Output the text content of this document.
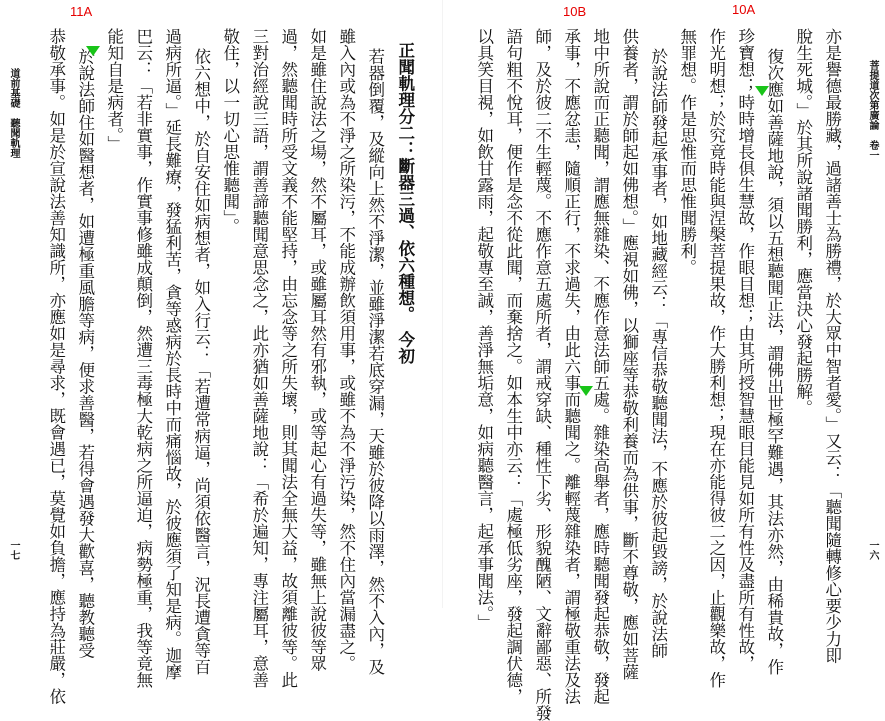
菩提道次第廣論　卷一
一六
亦是譽德最勝藏，過諸善士為勝禮，於大眾中智者愛。」又云：「聽聞隨轉修心要少力即
脫生死城。」於其所說諸聞勝利，應當決心發起勝解。
復次應如善薩地說，須以五想聽聞正法，謂佛出世極罕難遇，其法亦然，由稀貴故，作
珍寶想；時時增長俱生慧故，作眼目想；由其所授智慧眼目能見如所有性及盡所有性故，
作光明想；於究竟時能與涅槃菩提果故，作大勝利想；現在亦能得彼二之因，止觀樂故，作
無罪想。作是思惟而思惟聞勝利。
於說法師發起承事者，如地藏經云：「專信恭敬聽聞法，不應於彼起毀謗，於說法師
供養者，謂於師起如佛想。」應視如佛，以獅座等恭敬利養而為供事，斷不尊敬，應如菩薩
地中所說而正聽聞，謂應無雜染、不應作意法師五處。雜染高舉者，應時聽聞發起恭敬，發起
承事，不應忿恚，隨順正行，不求過失，由此六事而聽聞之。離輕蔑雜染者，謂極敬重法及法
師，及於彼二不生輕蔑。不應作意五處所者，謂戒穿缺、種性下劣、形貌醜陋、文辭鄙惡、所發
語句粗不悅耳，便作是念不從此聞，而棄捨之。如本生中亦云：「處極低劣座，發起調伏德，
以具笑目視，如飲甘露雨，起敬專至誠，善淨無垢意，如病聽醫言，起承事聞法。」
道前基礎　聽聞軌理
一七
正聞軌理分二：斷器三過、依六種想。　今初
若器倒覆，及縱向上然不淨潔，並雖淨潔若底穿漏，天雖於彼降以雨澤，然不入內，及
雖入內或為不淨之所染污，不能成辦飲須用事，或雖不為不淨污染，然不住內當漏盡之。
如是雖住說法之場，然不屬耳，或雖屬耳然有邪執，或等起心有過失等，雖無上說彼等眾
過，然聽聞時所受文義不能堅持，由忘念等之所失壞，則其聞法全無大益，故須離彼等。此
三對治經說三語，謂善諦聽聞意思念之，此亦猶如善薩地說：「希於遍知，專注屬耳，意善
敬住，以一切心思惟聽聞」。
依六想中，於自安住如病想者，如入行云：「若遭常病逼，尚須依醫言，況長遭貪等百
過病所逼。」延長難療，發猛利苦，貪等惑病於長時中而痛惱故，於彼應須了知是病。迦摩
巴云：「若非實事，作實事修雖成顛倒，然遭三毒極大乾病之所逼迫，病勢極重，我等竟無
能知自是病者。」
於說法師住如醫想者，如遭極重風膽等病，便求善醫，若得會遇發大歡喜，聽教聽受
恭敬承事。如是於宣說法善知識所，亦應如是尋求，既會遇已，莫覺如負擔，應持為莊嚴，依
11A	10B	10A
